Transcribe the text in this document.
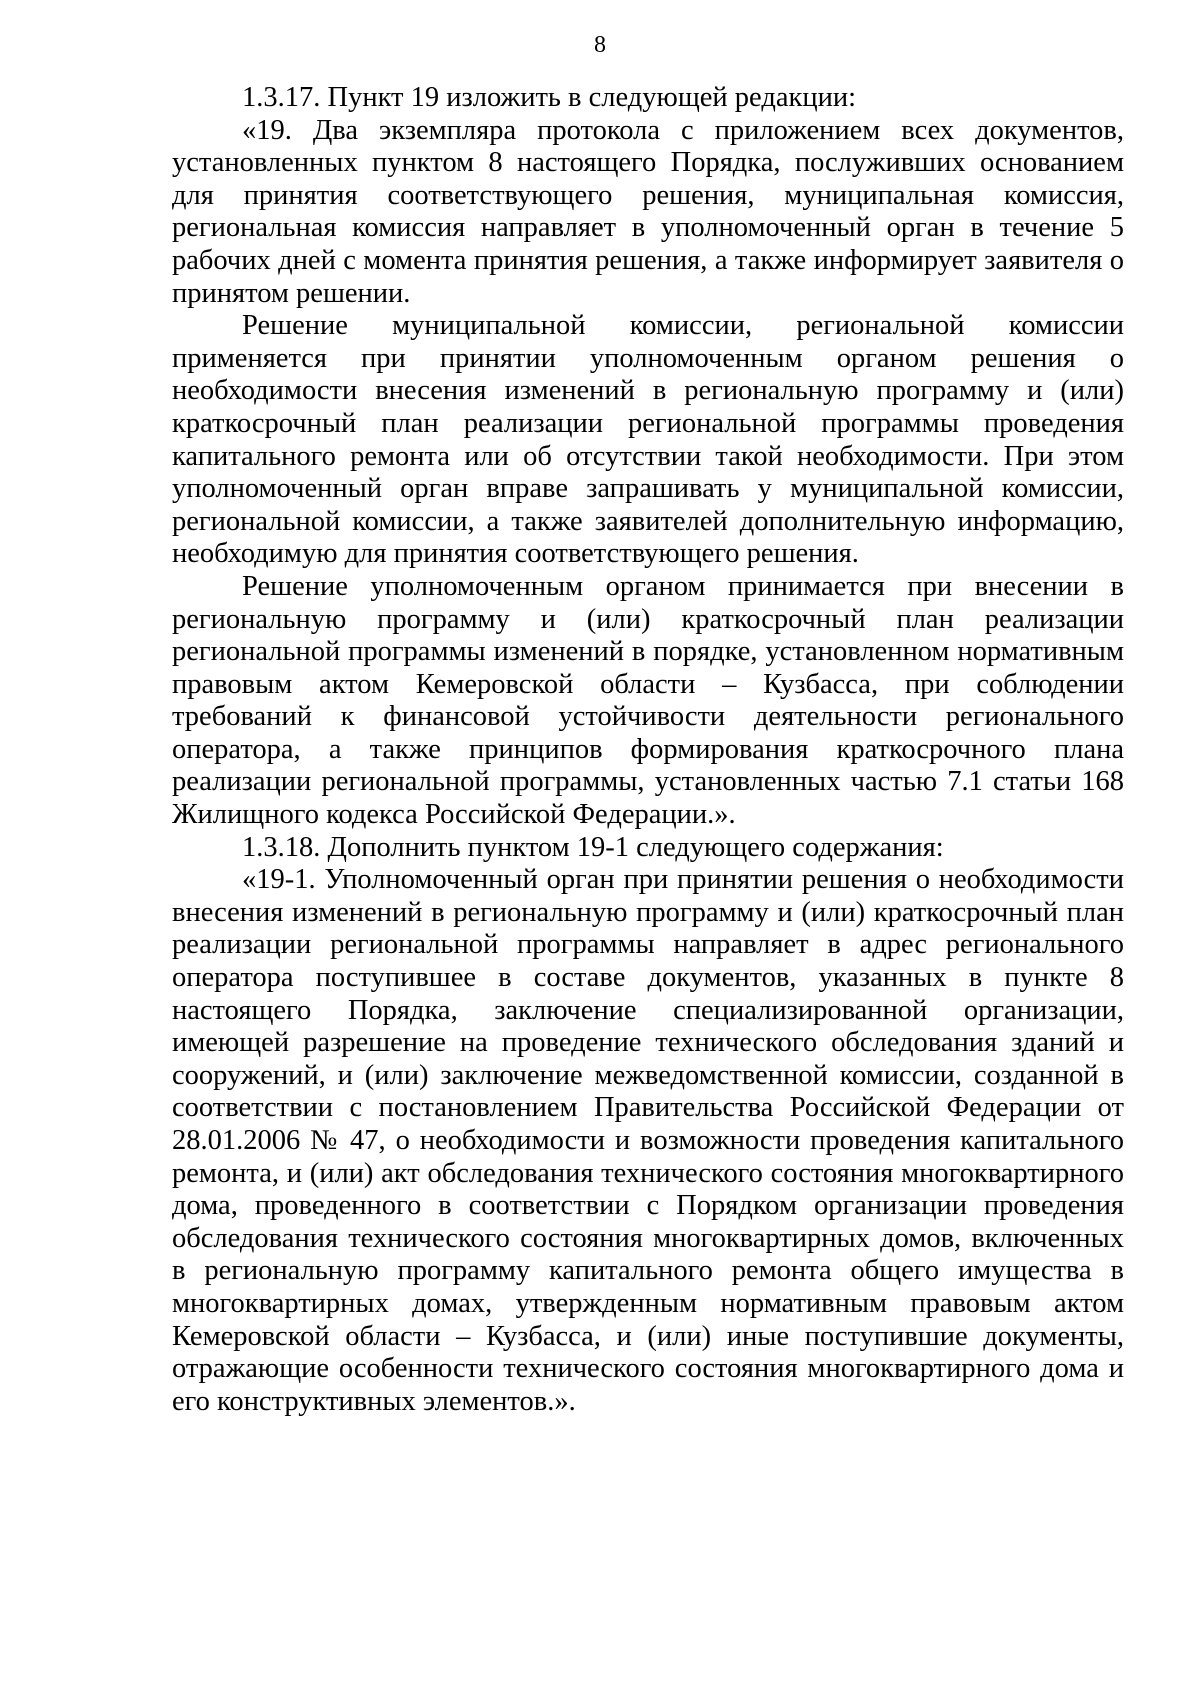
8

1.3.17. Пункт 19 изложить в следующей редакции:

«19. Два экземпляра протокола с приложением всех документов, установленных пунктом 8 настоящего Порядка, послуживших основанием для принятия соответствующего решения, муниципальная комиссия, региональная комиссия направляет в уполномоченный орган в течение 5 рабочих дней с момента принятия решения, а также информирует заявителя о принятом решении.

Решение муниципальной комиссии, региональной комиссии применяется при принятии уполномоченным органом решения о необходимости внесения изменений в региональную программу и (или) краткосрочный план реализации региональной программы проведения капитального ремонта или об отсутствии такой необходимости. При этом уполномоченный орган вправе запрашивать у муниципальной комиссии, региональной комиссии, а также заявителей дополнительную информацию, необходимую для принятия соответствующего решения.

Решение уполномоченным органом принимается при внесении в региональную программу и (или) краткосрочный план реализации региональной программы изменений в порядке, установленном нормативным правовым актом Кемеровской области – Кузбасса, при соблюдении требований к финансовой устойчивости деятельности регионального оператора, а также принципов формирования краткосрочного плана реализации региональной программы, установленных частью 7.1 статьи 168 Жилищного кодекса Российской Федерации.».

1.3.18. Дополнить пунктом 19-1 следующего содержания:

«19-1. Уполномоченный орган при принятии решения о необходимости внесения изменений в региональную программу и (или) краткосрочный план реализации региональной программы направляет в адрес регионального оператора поступившее в составе документов, указанных в пункте 8 настоящего Порядка, заключение специализированной организации, имеющей разрешение на проведение технического обследования зданий и сооружений, и (или) заключение межведомственной комиссии, созданной в соответствии с постановлением Правительства Российской Федерации от 28.01.2006 № 47, о необходимости и возможности проведения капитального ремонта, и (или) акт обследования технического состояния многоквартирного дома, проведенного в соответствии с Порядком организации проведения обследования технического состояния многоквартирных домов, включенных в региональную программу капитального ремонта общего имущества в многоквартирных домах, утвержденным нормативным правовым актом Кемеровской области – Кузбасса, и (или) иные поступившие документы, отражающие особенности технического состояния многоквартирного дома и его конструктивных элементов.».
